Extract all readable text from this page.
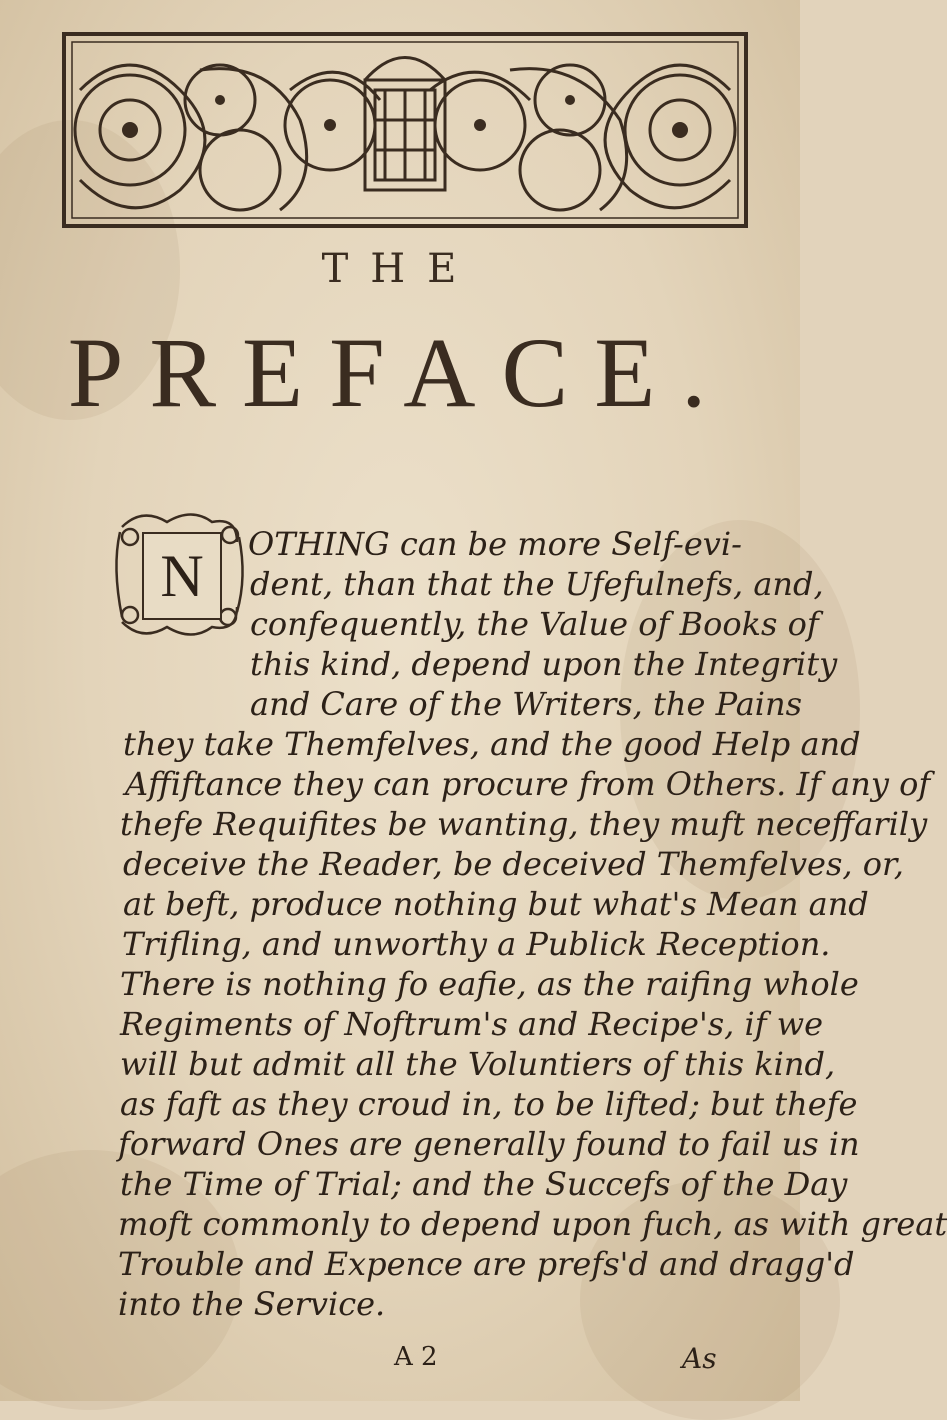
THE
PREFACE.
N	OTHING can be more Self-evi-
dent, than that the Ufefulnefs, and,
confequently, the Value of Books of
this kind, depend upon the Integrity
and Care of the Writers, the Pains
they take Themfelves, and the good Help and
Affiftance they can procure from Others. If any of
thefe Requifites be wanting, they muft neceffarily
deceive the Reader, be deceived Themfelves, or,
at beft, produce nothing but what's Mean and
Trifling, and unworthy a Publick Reception.
There is nothing fo eafie, as the raifing whole
Regiments of Noftrum's and Recipe's, if we
will but admit all the Voluntiers of this kind,
as faft as they croud in, to be lifted; but thefe
forward Ones are generally found to fail us in
the Time of Trial; and the Succefs of the Day
moft commonly to depend upon fuch, as with great
Trouble and Expence are prefs'd and dragg'd
into the Service.
A 2	As
